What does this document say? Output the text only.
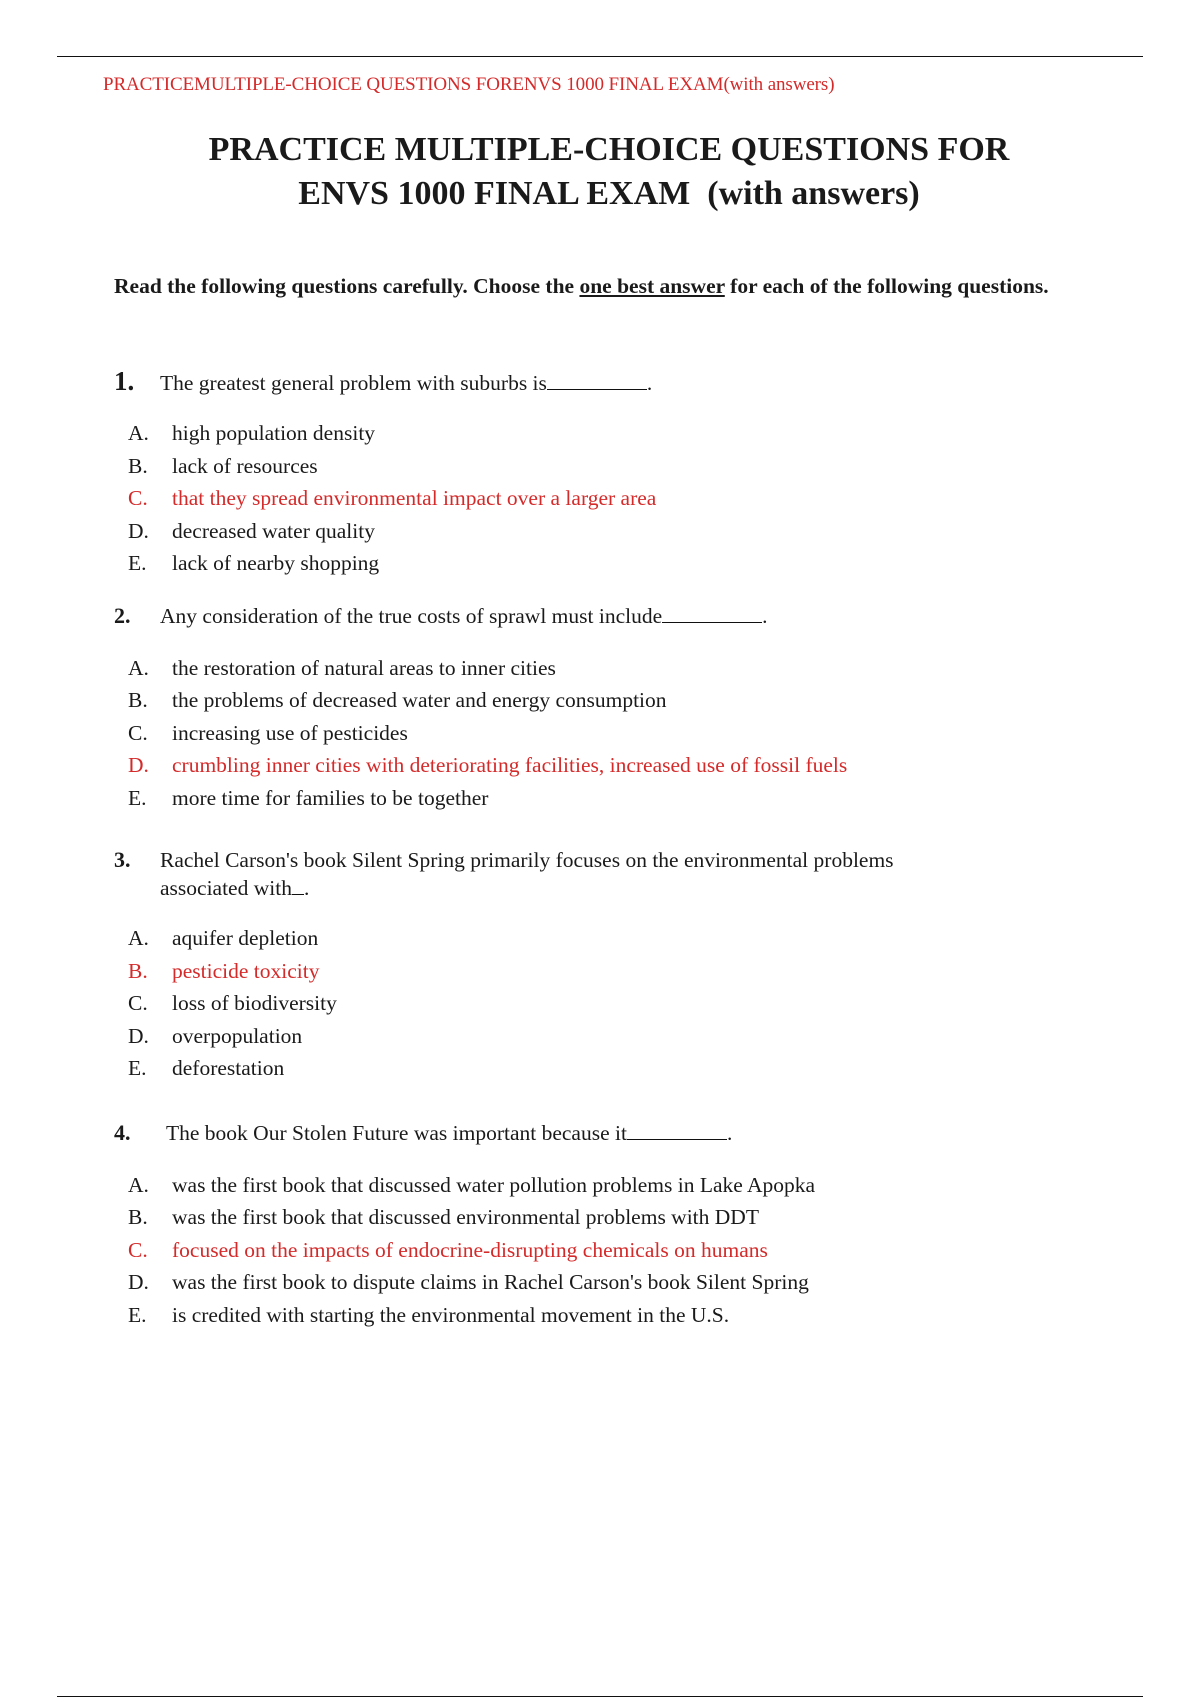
PRACTICEMULTIPLE-CHOICE QUESTIONS FORENVS 1000 FINAL EXAM(with answers)
PRACTICE MULTIPLE-CHOICE QUESTIONS FOR
ENVS 1000 FINAL EXAM  (with answers)
Read the following questions carefully. Choose the one best answer for each of the following questions.
1.	The greatest general problem with suburbs is	.
A.	high population density
B.	lack of resources
C.	that they spread environmental impact over a larger area
D.	decreased water quality
E.	lack of nearby shopping
2.	Any consideration of the true costs of sprawl must include	.
A.	the restoration of natural areas to inner cities
B.	the problems of decreased water and energy consumption
C.	increasing use of pesticides
D.	crumbling inner cities with deteriorating facilities, increased use of fossil fuels
E.	more time for families to be together
3.	Rachel Carson's book Silent Spring primarily focuses on the environmental problems
associated with .
A.	aquifer depletion
B.	pesticide toxicity
C.	loss of biodiversity
D.	overpopulation
E.	deforestation
4.	The book Our Stolen Future was important because it	.
A.	was the first book that discussed water pollution problems in Lake Apopka
B.	was the first book that discussed environmental problems with DDT
C.	focused on the impacts of endocrine-disrupting chemicals on humans
D.	was the first book to dispute claims in Rachel Carson's book Silent Spring
E.	is credited with starting the environmental movement in the U.S.
